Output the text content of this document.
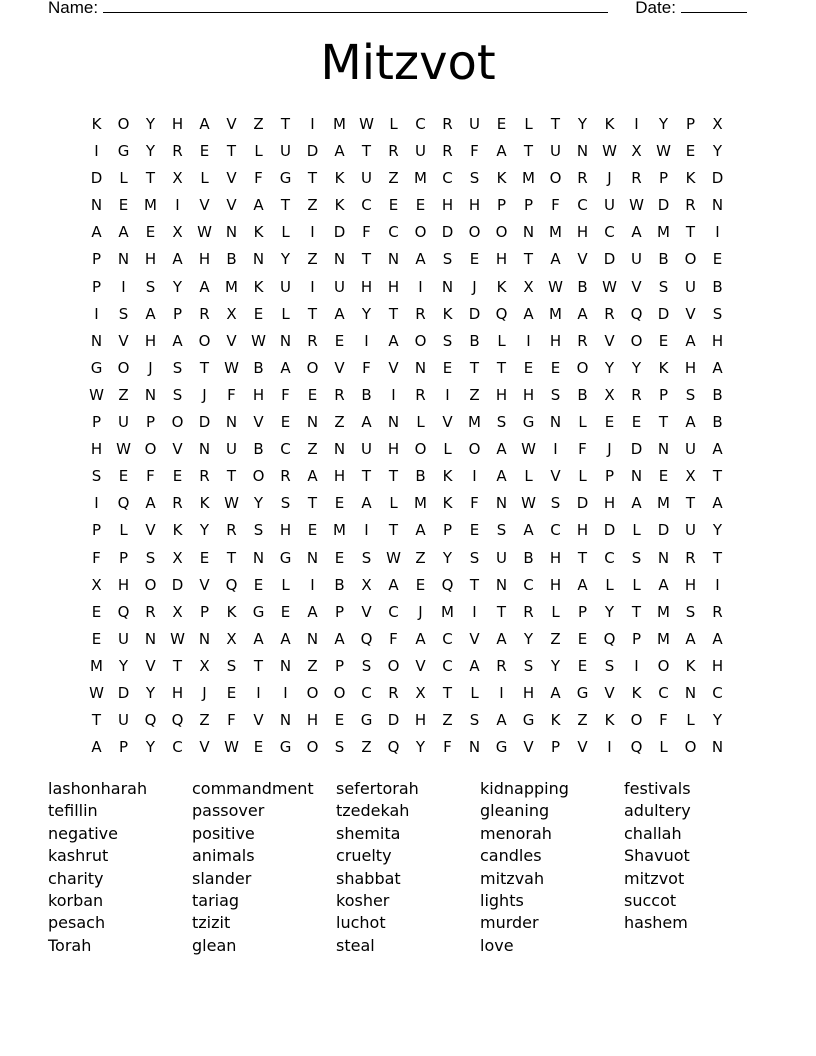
Name:	Date:
Mitzvot
K	O	Y	H	A	V	Z	T	I	M W	L	C	R	U	E	L	T	Y	K	I	Y	P	X
I	G	Y	R	E	T	L	U	D	A	T	R	U	R	F	A	T	U	N W X W E	Y
D	L	T	X	L	V	F	G	T	K	U	Z	M	C	S	K	M O	R	J	R	P	K	D
N	E	M	I	V	V	A	T	Z	K	C	E	E	H	H	P	P	F	C	U W D	R	N
A	A	E	X W N	K	L	I	D	F	C	O	D	O	O	N M H	C	A	M	T	I
P	N	H	A	H	B	N	Y	Z	N	T	N	A	S	E	H	T	A	V	D	U	B	O	E
P	I	S	Y	A	M	K	U	I	U	H	H	I	N	J	K	X W B W V	S	U	B
I	S	A	P	R	X	E	L	T	A	Y	T	R	K	D	Q	A	M	A	R	Q	D	V	S
N	V	H	A	O	V W N	R	E	I	A	O	S	B	L	I	H	R	V	O	E	A	H
G	O	J	S	T	W B	A	O	V	F	V	N	E	T	T	E	E	O	Y	Y	K	H	A
W Z	N	S	J	F	H	F	E	R	B	I	R	I	Z	H	H	S	B	X	R	P	S	B
P	U	P	O	D	N	V	E	N	Z	A	N	L	V	M	S	G	N	L	E	E	T	A	B
H W O	V	N	U	B	C	Z	N	U	H	O	L	O	A W	I	F	J	D	N	U	A
S	E	F	E	R	T	O	R	A	H	T	T	B	K	I	A	L	V	L	P	N	E	X	T
I	Q	A	R	K W Y	S	T	E	A	L	M	K	F	N W S	D	H	A	M	T	A
P	L	V	K	Y	R	S	H	E	M	I	T	A	P	E	S	A	C	H	D	L	D	U	Y
F	P	S	X	E	T	N	G	N	E	S W Z	Y	S	U	B	H	T	C	S	N	R	T
X	H	O	D	V	Q	E	L	I	B	X	A	E	Q	T	N	C	H	A	L	L	A	H	I
E	Q	R	X	P	K	G	E	A	P	V	C	J	M	I	T	R	L	P	Y	T	M	S	R
E	U	N W N	X	A	A	N	A	Q	F	A	C	V	A	Y	Z	E	Q	P	M	A	A
M	Y	V	T	X	S	T	N	Z	P	S	O	V	C	A	R	S	Y	E	S	I	O	K	H
W D	Y	H	J	E	I	I	O	O	C	R	X	T	L	I	H	A	G	V	K	C	N	C
T	U	Q	Q	Z	F	V	N	H	E	G	D	H	Z	S	A	G	K	Z	K	O	F	L	Y
A	P	Y	C	V W E	G	O	S	Z	Q	Y	F	N	G	V	P	V	I	Q	L	O	N
lashonharah	commandment	sefertorah	kidnapping	festivals
tefillin	passover	tzedekah	gleaning	adultery
negative	positive	shemita	menorah	challah
kashrut	animals	cruelty	candles	Shavuot
charity	slander	shabbat	mitzvah	mitzvot
korban	tariag	kosher	lights	succot
pesach	tzizit	luchot	murder	hashem
Torah	glean	steal	love
